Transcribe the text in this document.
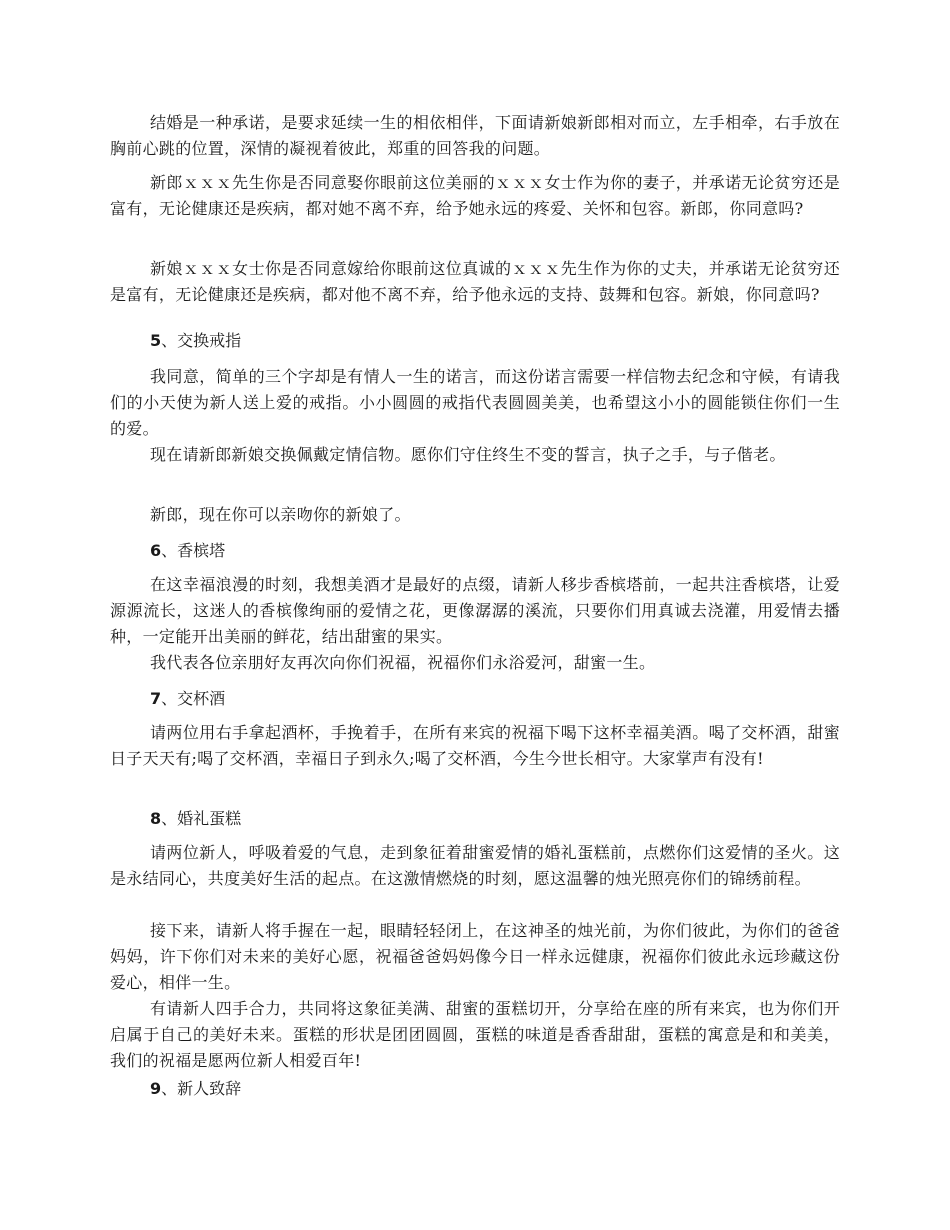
结婚是一种承诺，是要求延续一生的相依相伴，下面请新娘新郎相对而立，左手相牵，右手放在胸前心跳的位置，深情的凝视着彼此，郑重的回答我的问题。

新郎ｘｘｘ先生你是否同意娶你眼前这位美丽的ｘｘｘ女士作为你的妻子，并承诺无论贫穷还是富有，无论健康还是疾病，都对她不离不弃，给予她永远的疼爱、关怀和包容。新郎，你同意吗?

新娘ｘｘｘ女士你是否同意嫁给你眼前这位真诚的ｘｘｘ先生作为你的丈夫，并承诺无论贫穷还是富有，无论健康还是疾病，都对他不离不弃，给予他永远的支持、鼓舞和包容。新娘，你同意吗?

5、交换戒指

我同意，简单的三个字却是有情人一生的诺言，而这份诺言需要一样信物去纪念和守候，有请我们的小天使为新人送上爱的戒指。小小圆圆的戒指代表圆圆美美，也希望这小小的圆能锁住你们一生的爱。

现在请新郎新娘交换佩戴定情信物。愿你们守住终生不变的誓言，执子之手，与子偕老。

新郎，现在你可以亲吻你的新娘了。

6、香槟塔

在这幸福浪漫的时刻，我想美酒才是最好的点缀，请新人移步香槟塔前，一起共注香槟塔，让爱源源流长，这迷人的香槟像绚丽的爱情之花，更像潺潺的溪流，只要你们用真诚去浇灌，用爱情去播种，一定能开出美丽的鲜花，结出甜蜜的果实。

我代表各位亲朋好友再次向你们祝福，祝福你们永浴爱河，甜蜜一生。

7、交杯酒

请两位用右手拿起酒杯，手挽着手，在所有来宾的祝福下喝下这杯幸福美酒。喝了交杯酒，甜蜜日子天天有;喝了交杯酒，幸福日子到永久;喝了交杯酒，今生今世长相守。大家掌声有没有!

8、婚礼蛋糕

请两位新人，呼吸着爱的气息，走到象征着甜蜜爱情的婚礼蛋糕前，点燃你们这爱情的圣火。这是永结同心，共度美好生活的起点。在这激情燃烧的时刻，愿这温馨的烛光照亮你们的锦绣前程。

接下来，请新人将手握在一起，眼睛轻轻闭上，在这神圣的烛光前，为你们彼此，为你们的爸爸妈妈，许下你们对未来的美好心愿，祝福爸爸妈妈像今日一样永远健康，祝福你们彼此永远珍藏这份爱心，相伴一生。

有请新人四手合力，共同将这象征美满、甜蜜的蛋糕切开，分享给在座的所有来宾，也为你们开启属于自己的美好未来。蛋糕的形状是团团圆圆，蛋糕的味道是香香甜甜，蛋糕的寓意是和和美美，我们的祝福是愿两位新人相爱百年!

9、新人致辞
